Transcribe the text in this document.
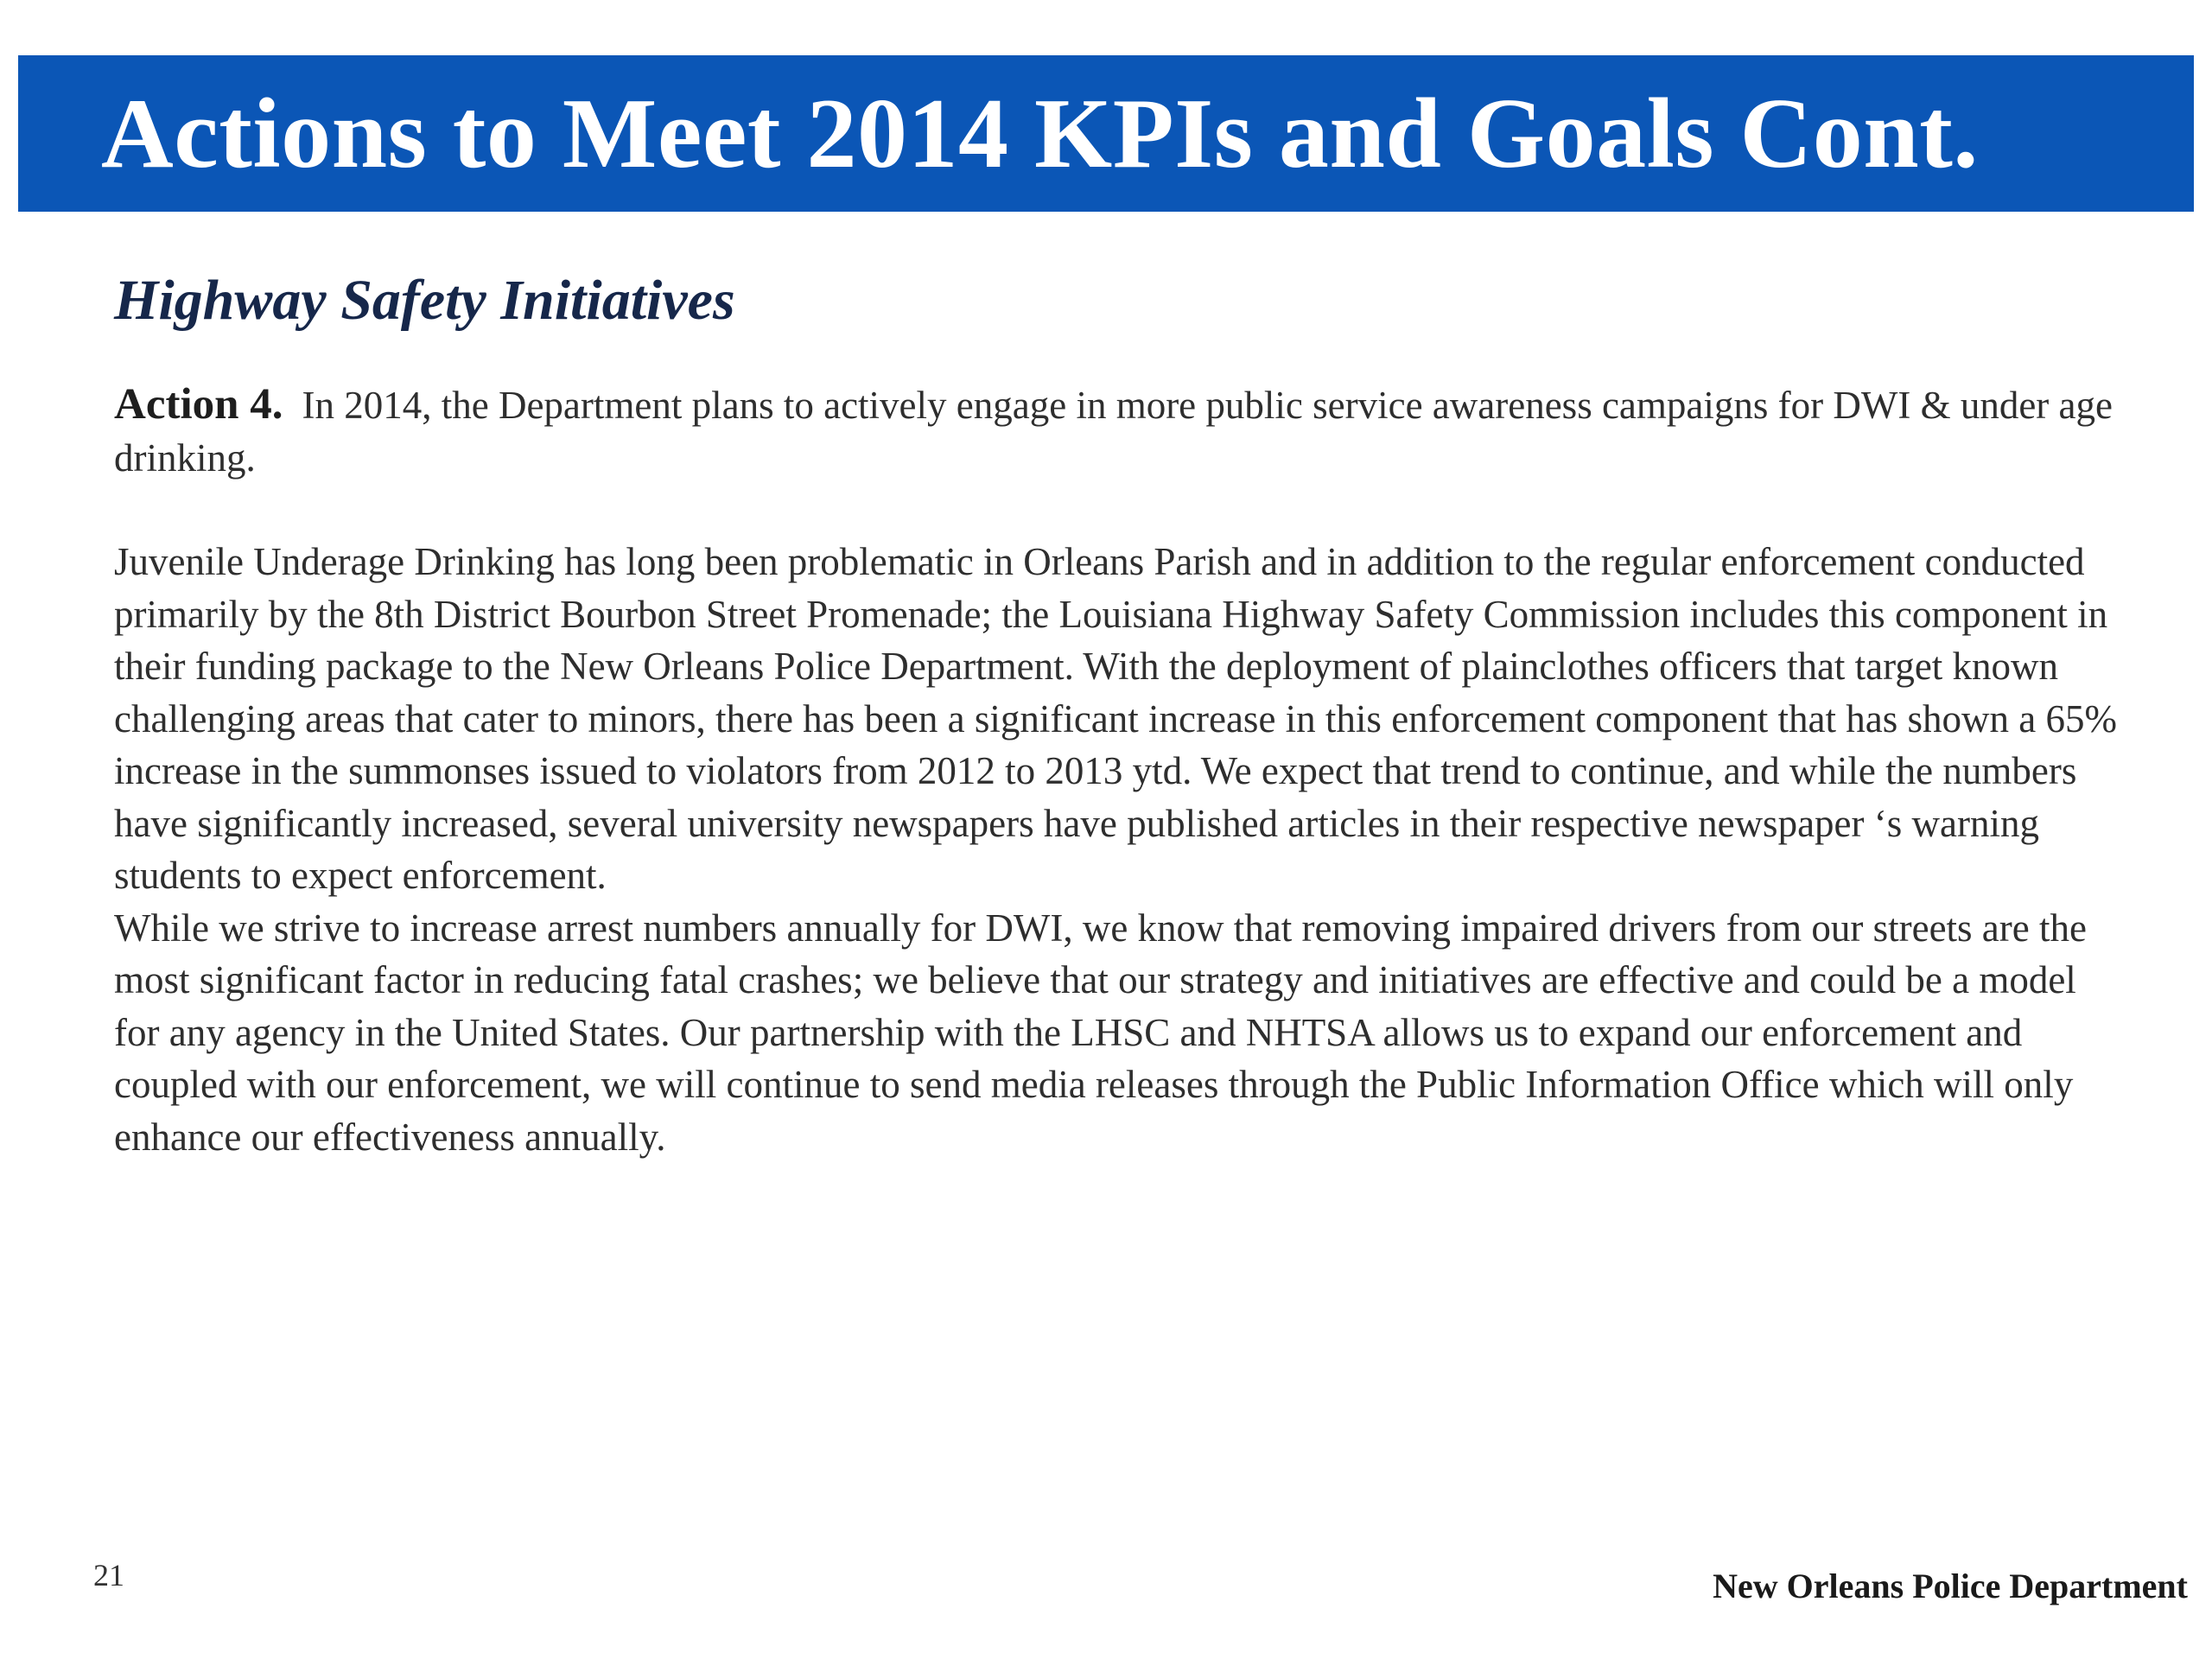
Actions to Meet 2014 KPIs and Goals Cont.
Highway Safety Initiatives

Action 4. In 2014, the Department plans to actively engage in more public service awareness campaigns for DWI & under age drinking.

Juvenile Underage Drinking has long been problematic in Orleans Parish and in addition to the regular enforcement conducted primarily by the 8th District Bourbon Street Promenade; the Louisiana Highway Safety Commission includes this component in their funding package to the New Orleans Police Department. With the deployment of plainclothes officers that target known challenging areas that cater to minors, there has been a significant increase in this enforcement component that has shown a 65% increase in the summonses issued to violators from 2012 to 2013 ytd. We expect that trend to continue, and while the numbers have significantly increased, several university newspapers have published articles in their respective newspaper ‘s warning students to expect enforcement.

While we strive to increase arrest numbers annually for DWI, we know that removing impaired drivers from our streets are the most significant factor in reducing fatal crashes; we believe that our strategy and initiatives are effective and could be a model for any agency in the United States. Our partnership with the LHSC and NHTSA allows us to expand our enforcement and coupled with our enforcement, we will continue to send media releases through the Public Information Office which will only enhance our effectiveness annually.

21	New Orleans Police Department
